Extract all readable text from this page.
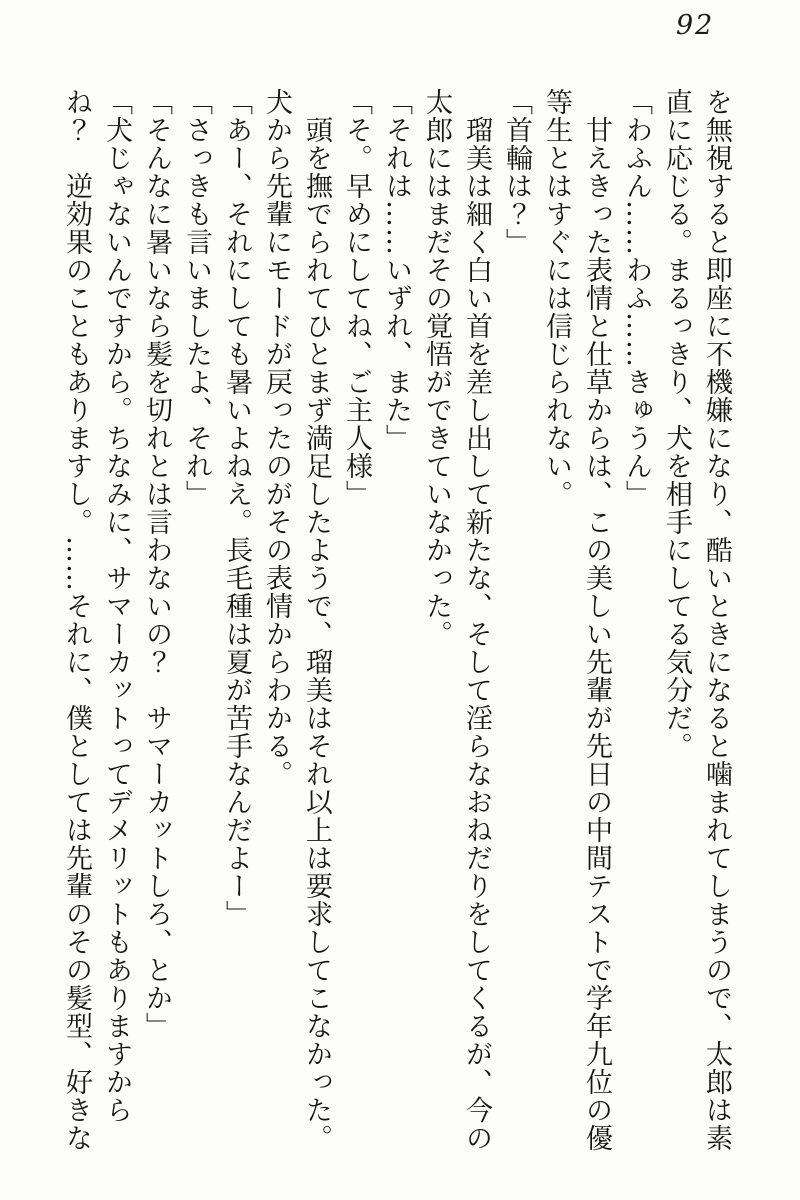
92

を無視すると即座に不機嫌になり、酷いときになると噛まれてしまうので、太郎は素直に応じる。まるっきり、犬を相手にしてる気分だ。

「わふん……わふ……きゅうん」

甘えきった表情と仕草からは、この美しい先輩が先日の中間テストで学年九位の優等生とはすぐには信じられない。

「首輪は？」

瑠美は細く白い首を差し出して新たな、そして淫らなおねだりをしてくるが、今の太郎にはまだその覚悟ができていなかった。

「それは……いずれ、また」

「そ。早めにしてね、ご主人様」

頭を撫でられてひとまず満足したようで、瑠美はそれ以上は要求してこなかった。犬から先輩にモードが戻ったのがその表情からわかる。

「あー、それにしても暑いよねえ。長毛種は夏が苦手なんだよー」

「さっきも言いましたよ、それ」

「そんなに暑いなら髪を切れとは言わないの？　サマーカットしろ、とか」

「犬じゃないんですから。ちなみに、サマーカットってデメリットもありますからね？　逆効果のこともありますし。……それに、僕としては先輩のその髪型、好きな
